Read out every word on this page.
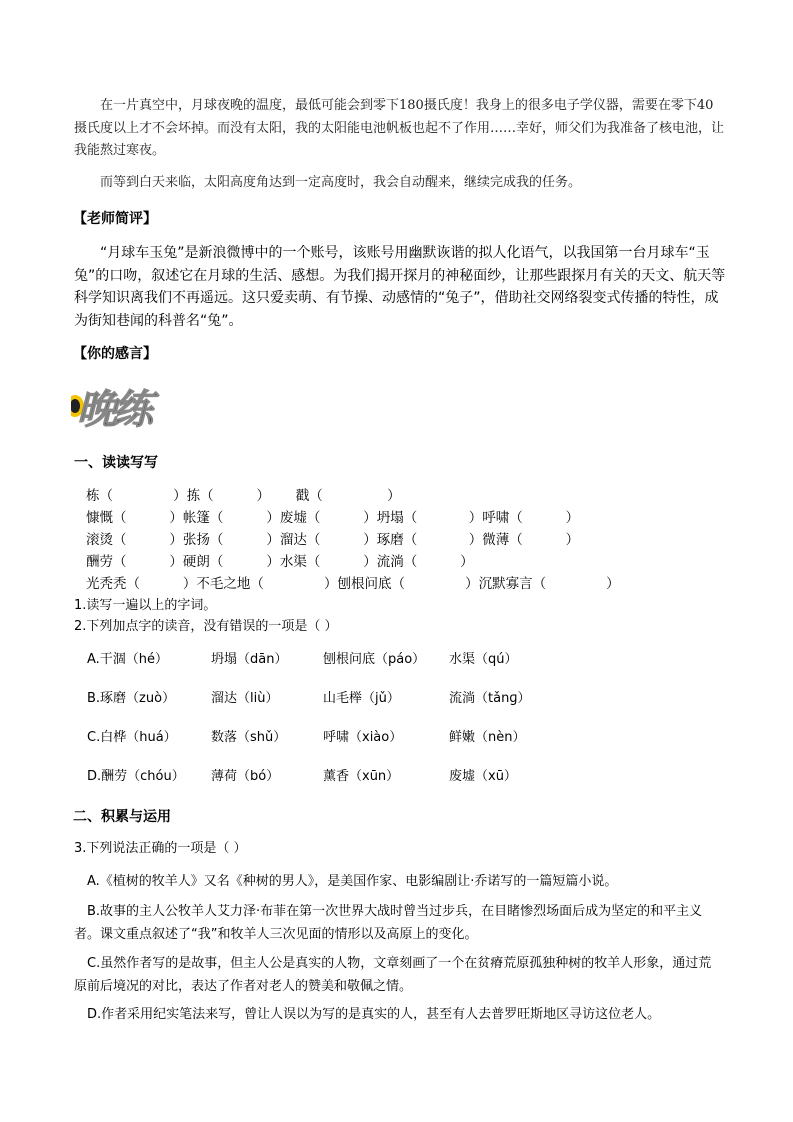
在一片真空中，月球夜晚的温度，最低可能会到零下180摄氏度！我身上的很多电子学仪器，需要在零下40摄氏度以上才不会坏掉。而没有太阳，我的太阳能电池帆板也起不了作用……幸好，师父们为我准备了核电池，让我能熬过寒夜。
而等到白天来临，太阳高度角达到一定高度时，我会自动醒来，继续完成我的任务。
【老师简评】
“月球车玉兔”是新浪微博中的一个账号，该账号用幽默诙谐的拟人化语气，以我国第一台月球车“玉兔”的口吻，叙述它在月球的生活、感想。为我们揭开探月的神秘面纱，让那些跟探月有关的天文、航天等科学知识离我们不再遥远。这只爱卖萌、有节操、动感情的“兔子”，借助社交网络裂变式传播的特性，成为街知巷闻的科普名“兔”。
【你的感言】
晚练
一、读读写写
栋（              ）拣（          ）      戳（               ）
慷慨（          ）帐篷（          ）废墟（          ）坍塌（            ）呼啸（          ）
滚烫（          ）张扬（          ）溜达（          ）琢磨（            ）微薄（          ）
酬劳（          ）硬朗（          ）水渠（          ）流淌（          ）
光秃秃（          ）不毛之地（              ）刨根问底（              ）沉默寡言（              ）
1.读写一遍以上的字词。
2.下列加点字的读音，没有错误的一项是（ ）
A.干涸（hé）	坍塌（dān）	刨根问底（páo） 水渠（qú）
B.琢磨（zuò）	溜达（liù）	山毛榉（jǔ）	流淌（tǎnɡ）
C.白桦（huá）	数落（shǔ）	呼啸（xiào）	鲜嫩（nèn）
D.酬劳（chóu） 薄荷（bó）	薰香（xūn）	废墟（xū）
二、积累与运用
3.下列说法正确的一项是（ ）
A.《植树的牧羊人》又名《种树的男人》，是美国作家、电影编剧让·乔诺写的一篇短篇小说。
B.故事的主人公牧羊人艾力泽·布菲在第一次世界大战时曾当过步兵，在目睹惨烈场面后成为坚定的和平主义者。课文重点叙述了“我”和牧羊人三次见面的情形以及高原上的变化。
C.虽然作者写的是故事，但主人公是真实的人物，文章刻画了一个在贫瘠荒原孤独种树的牧羊人形象，通过荒原前后境况的对比，表达了作者对老人的赞美和敬佩之情。
D.作者采用纪实笔法来写，曾让人误以为写的是真实的人，甚至有人去普罗旺斯地区寻访这位老人。
